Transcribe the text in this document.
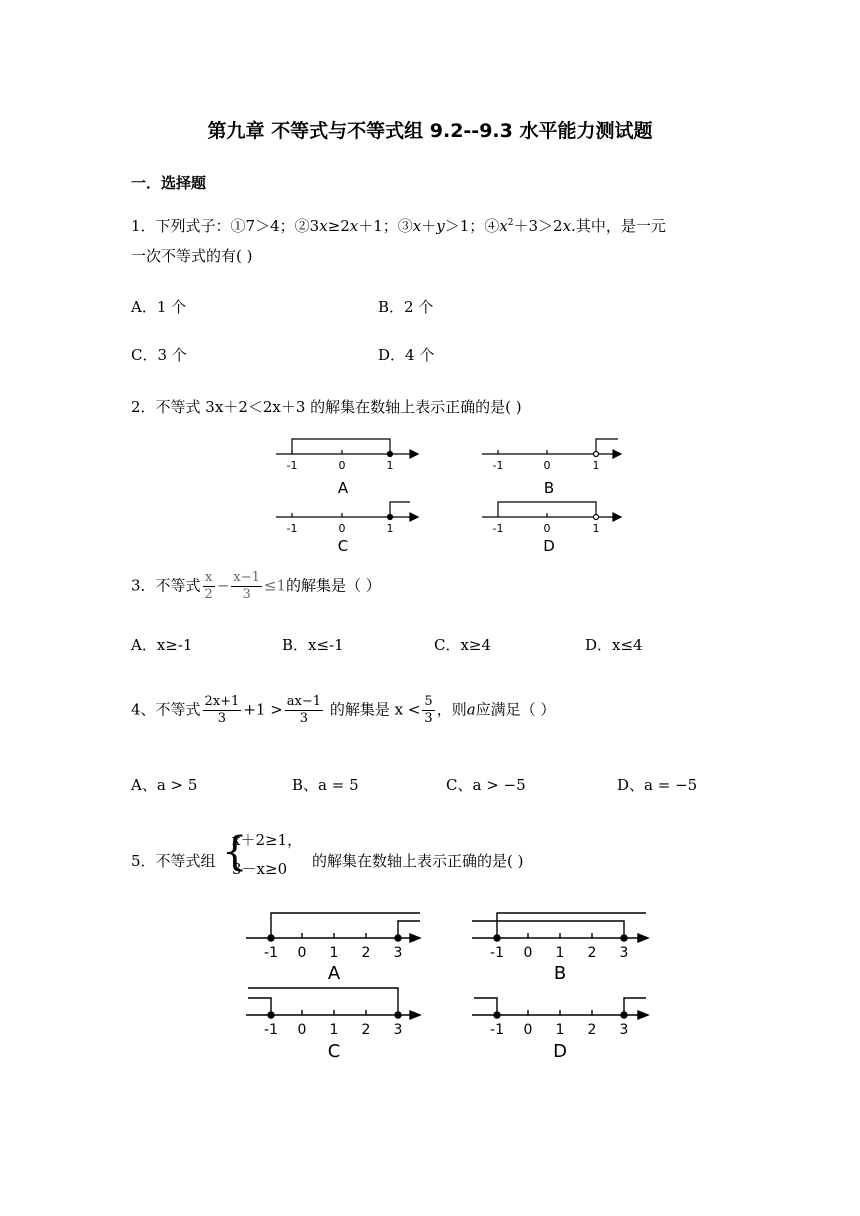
第九章 不等式与不等式组 9.2--9.3 水平能力测试题
一．选择题
1．下列式子：①7＞4；②3x≥2x＋1；③x＋y＞1；$④x^2+3>2x$.其中，是一元
一次不等式的有( )
A．1 个	B．2 个
C．3 个	D．4 个
2．不等式 3x＋2＜2x＋3 的解集在数轴上表示正确的是( )
-1	0	1	-1	0	1
-1	0	1	-1	0	1
A	B
C	D
3．不等式 $\frac{x}{2} - \frac{x-1}{3} \le 1$的解集是（ ）
A．x≥-1	B．x≤-1	C．x≥4	D．x≤4
4、不等式 $\frac{2x+1}{3} +1 > \frac{ax-1}{3}$ 的解集是 $x < \frac{5}{3}$ ，则a应满足（ ）
A、a > 5	B、a = 5	C、a > −5	D、a = −5
5．不等式组 {
x＋2≥1，
3－x≥0 的解集在数轴上表示正确的是( )
-1 0 1 2 3	-1 0 1 2 3
-1 0 1 2 3	-1 0 1 2 3
A	B
C	D
